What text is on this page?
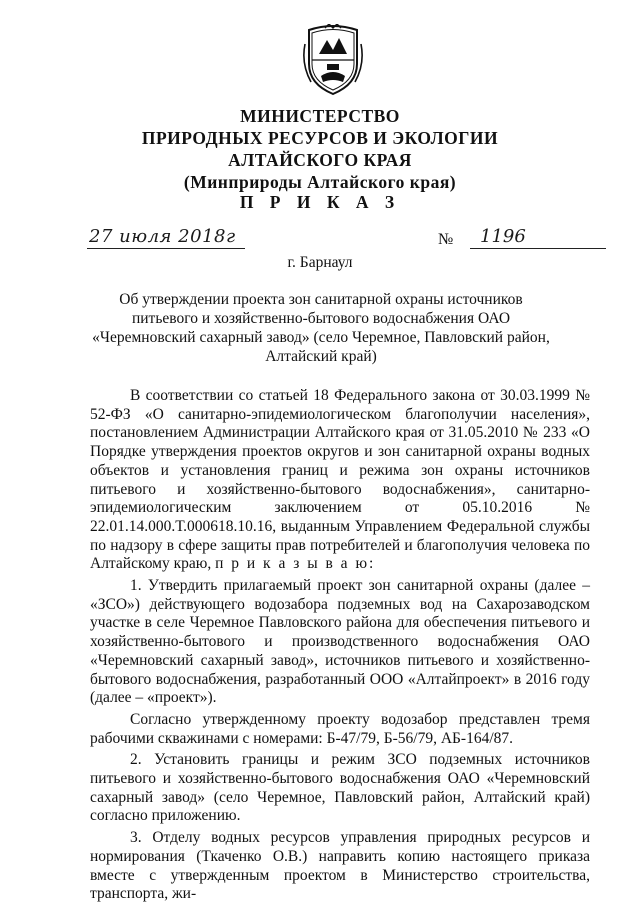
МИНИСТЕРСТВО
ПРИРОДНЫХ РЕСУРСОВ И ЭКОЛОГИИ
АЛТАЙСКОГО КРАЯ
(Минприроды Алтайского края)
П Р И К А З
27 июля 2018г	№ 1196
г. Барнаул
Об утверждении проекта зон санитарной охраны источников питьевого и хозяйственно-бытового водоснабжения ОАО «Черемновский сахарный завод» (село Черемное, Павловский район, Алтайский край)

В соответствии со статьей 18 Федерального закона от 30.03.1999 № 52-ФЗ «О санитарно-эпидемиологическом благополучии населения», постановлением Администрации Алтайского края от 31.05.2010 № 233 «О Порядке утверждения проектов округов и зон санитарной охраны водных объектов и установления границ и режима зон охраны источников питьевого и хозяйственно-бытового водоснабжения», санитарно-эпидемиологическим заключением от 05.10.2016 № 22.01.14.000.Т.000618.10.16, выданным Управлением Федеральной службы по надзору в сфере защиты прав потребителей и благополучия человека по Алтайскому краю, п р и к а з ы в а ю:

1. Утвердить прилагаемый проект зон санитарной охраны (далее – «ЗСО») действующего водозабора подземных вод на Сахарозаводском участке в селе Черемное Павловского района для обеспечения питьевого и хозяйственно-бытового и производственного водоснабжения ОАО «Черемновский сахарный завод», источников питьевого и хозяйственно-бытового водоснабжения, разработанный ООО «Алтайпроект» в 2016 году (далее – «проект»).

Согласно утвержденному проекту водозабор представлен тремя рабочими скважинами с номерами: Б-47/79, Б-56/79, АБ-164/87.

2. Установить границы и режим ЗСО подземных источников питьевого и хозяйственно-бытового водоснабжения ОАО «Черемновский сахарный завод» (село Черемное, Павловский район, Алтайский край) согласно приложению.

3. Отделу водных ресурсов управления природных ресурсов и нормирования (Ткаченко О.В.) направить копию настоящего приказа вместе с утвержденным проектом в Министерство строительства, транспорта, жи-
